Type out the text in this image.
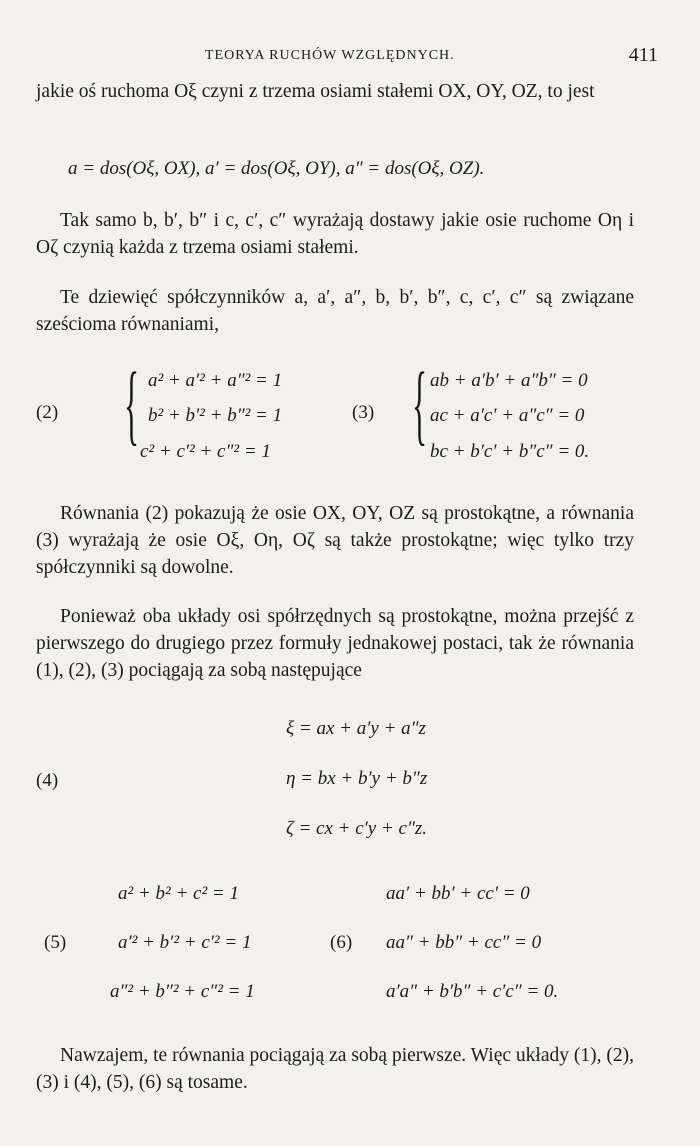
TEORYA RUCHÓW WZGLĘDNYCH.	411
jakie oś ruchoma Oξ czyni z trzema osiami stałemi OX, OY, OZ, to jest
a = dos(Oξ, OX), a′ = dos(Oξ, OY), a″ = dos(Oξ, OZ).
Tak samo b, b′, b″ i c, c′, c″ wyrażają dostawy jakie osie ruchome Oη i Oζ czynią każda z trzema osiami stałemi.
Te dziewięć spółczynników a, a′, a″, b, b′, b″, c, c′, c″ są związane sześcioma równaniami,
(2) { a² + a′² + a″² = 1
b² + b′² + b″² = 1
c² + c′² + c″² = 1
(3) { ab + a′b′ + a″b″ = 0
ac + a′c′ + a″c″ = 0
bc + b′c′ + b″c″ = 0.
Równania (2) pokazują że osie OX, OY, OZ są prostokątne, a równania (3) wyrażają że osie Oξ, Oη, Oζ są także prostokątne; więc tylko trzy spółczynniki są dowolne.
Ponieważ oba układy osi spółrzędnych są prostokątne, można przejść z pierwszego do drugiego przez formuły jednakowej postaci, tak że równania (1), (2), (3) pociągają za sobą następujące
(4)
ξ = ax + a′y + a″z
η = bx + b′y + b″z
ζ = cx + c′y + c″z.
(5)
a² + b² + c² = 1
a′² + b′² + c′² = 1
a″² + b″² + c″² = 1
(6)
aa′ + bb′ + cc′ = 0
aa″ + bb″ + cc″ = 0
a′a″ + b′b″ + c′c″ = 0.
Nawzajem, te równania pociągają za sobą pierwsze. Więc układy (1), (2), (3) i (4), (5), (6) są tosame.
